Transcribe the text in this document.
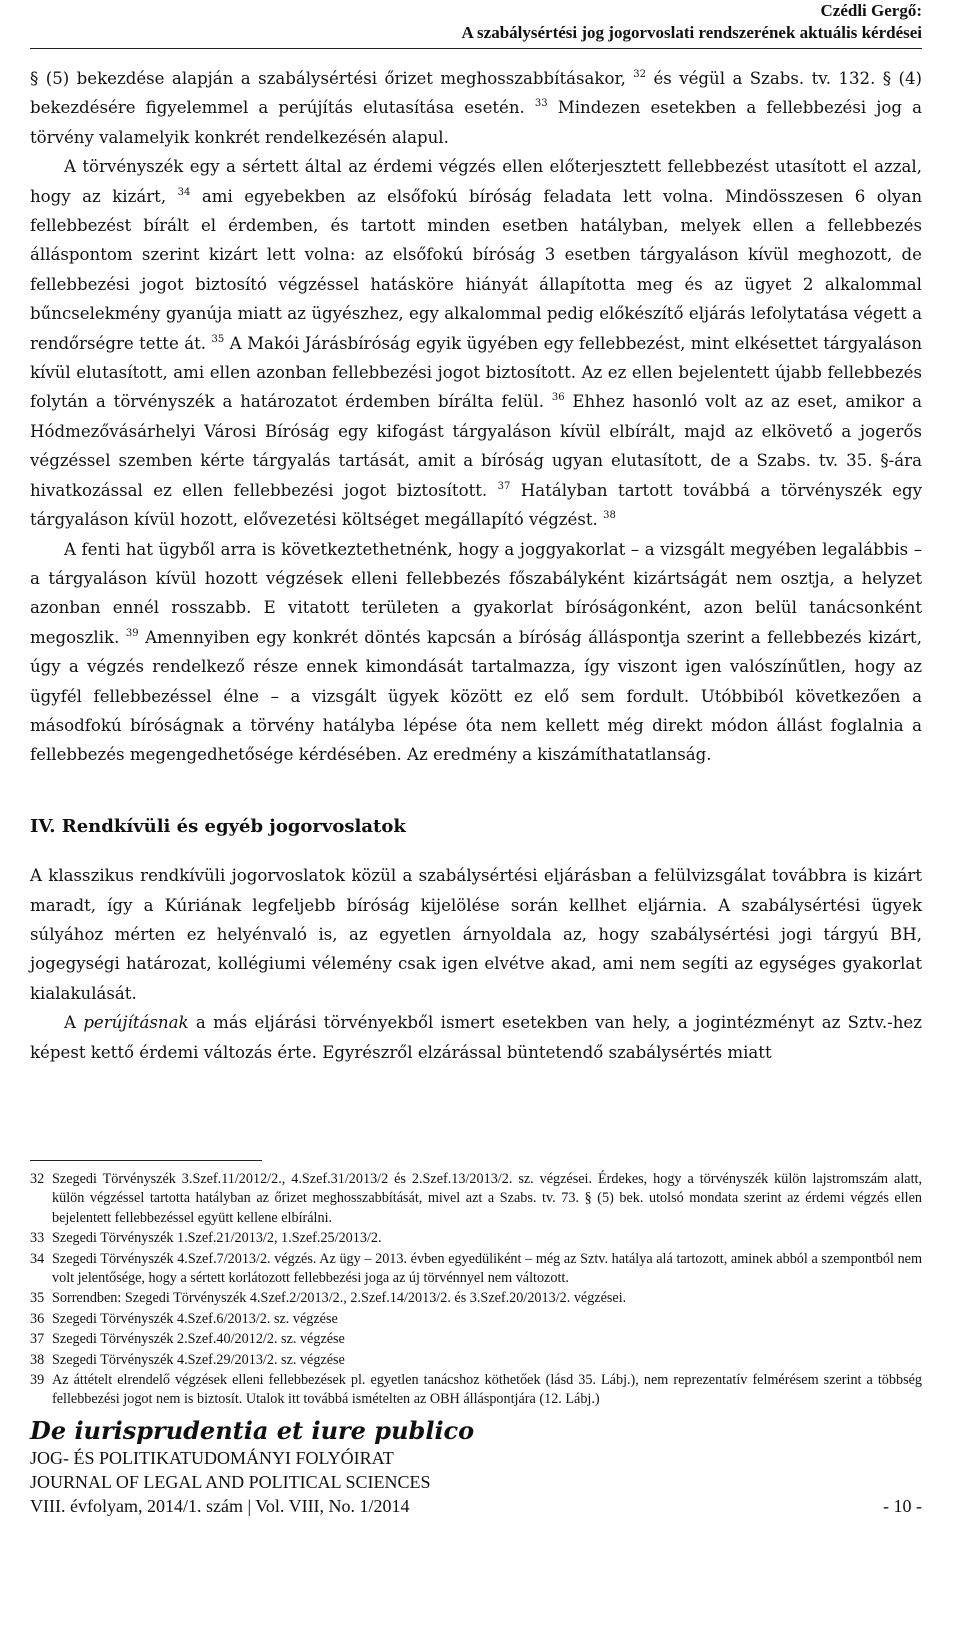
Czédli Gergő:
A szabálysértési jog jogorvoslati rendszerének aktuális kérdései

§ (5) bekezdése alapján a szabálysértési őrizet meghosszabbításakor, $^{32}$ és végül a Szabs. tv. 132. § (4) bekezdésére figyelemmel a perújítás elutasítása esetén. $^{33}$ Mindezen esetekben a fellebbezési jog a törvény valamelyik konkrét rendelkezésén alapul.

A törvényszék egy a sértett által az érdemi végzés ellen előterjesztett fellebbezést utasított el azzal, hogy az kizárt, $^{34}$ ami egyebekben az elsőfokú bíróság feladata lett volna. Mindösszesen 6 olyan fellebbezést bírált el érdemben, és tartott minden esetben hatályban, melyek ellen a fellebbezés álláspontom szerint kizárt lett volna: az elsőfokú bíróság 3 esetben tárgyaláson kívül meghozott, de fellebbezési jogot biztosító végzéssel hatásköre hiányát állapította meg és az ügyet 2 alkalommal bűncselekmény gyanúja miatt az ügyészhez, egy alkalommal pedig előkészítő eljárás lefolytatása végett a rendőrségre tette át. $^{35}$ A Makói Járásbíróság egyik ügyében egy fellebbezést, mint elkésettet tárgyaláson kívül elutasított, ami ellen azonban fellebbezési jogot biztosított. Az ez ellen bejelentett újabb fellebbezés folytán a törvényszék a határozatot érdemben bírálta felül. $^{36}$ Ehhez hasonló volt az az eset, amikor a Hódmezővásárhelyi Városi Bíróság egy kifogást tárgyaláson kívül elbírált, majd az elkövető a jogerős végzéssel szemben kérte tárgyalás tartását, amit a bíróság ugyan elutasított, de a Szabs. tv. 35. §-ára hivatkozással ez ellen fellebbezési jogot biztosított. $^{37}$ Hatályban tartott továbbá a törvényszék egy tárgyaláson kívül hozott, elővezetési költséget megállapító végzést. $^{38}$

A fenti hat ügyből arra is következtethetnénk, hogy a joggyakorlat – a vizsgált megyében legalábbis – a tárgyaláson kívül hozott végzések elleni fellebbezés főszabályként kizártságát nem osztja, a helyzet azonban ennél rosszabb. E vitatott területen a gyakorlat bíróságonként, azon belül tanácsonként megoszlik. $^{39}$ Amennyiben egy konkrét döntés kapcsán a bíróság álláspontja szerint a fellebbezés kizárt, úgy a végzés rendelkező része ennek kimondását tartalmazza, így viszont igen valószínűtlen, hogy az ügyfél fellebbezéssel élne – a vizsgált ügyek között ez elő sem fordult. Utóbbiból következően a másodfokú bíróságnak a törvény hatályba lépése óta nem kellett még direkt módon állást foglalnia a fellebbezés megengedhetősége kérdésében. Az eredmény a kiszámíthatatlanság.

IV. Rendkívüli és egyéb jogorvoslatok

A klasszikus rendkívüli jogorvoslatok közül a szabálysértési eljárásban a felülvizsgálat továbbra is kizárt maradt, így a Kúriának legfeljebb bíróság kijelölése során kellhet eljárnia. A szabálysértési ügyek súlyához mérten ez helyénvaló is, az egyetlen árnyoldala az, hogy szabálysértési jogi tárgyú BH, jogegységi határozat, kollégiumi vélemény csak igen elvétve akad, ami nem segíti az egységes gyakorlat kialakulását.

A perújításnak a más eljárási törvényekből ismert esetekben van hely, a jogintézményt az Sztv.-hez képest kettő érdemi változás érte. Egyrészről elzárással büntetendő szabálysértés miatt

32 Szegedi Törvényszék 3.Szef.11/2012/2., 4.Szef.31/2013/2 és 2.Szef.13/2013/2. sz. végzései. Érdekes, hogy a törvényszék külön lajstromszám alatt, külön végzéssel tartotta hatályban az őrizet meghosszabbítását, mivel azt a Szabs. tv. 73. § (5) bek. utolsó mondata szerint az érdemi végzés ellen bejelentett fellebbezéssel együtt kellene elbírálni.
33 Szegedi Törvényszék 1.Szef.21/2013/2, 1.Szef.25/2013/2.
34 Szegedi Törvényszék 4.Szef.7/2013/2. végzés. Az ügy – 2013. évben egyedüliként – még az Sztv. hatálya alá tartozott, aminek abból a szempontból nem volt jelentősége, hogy a sértett korlátozott fellebbezési joga az új törvénnyel nem változott.
35 Sorrendben: Szegedi Törvényszék 4.Szef.2/2013/2., 2.Szef.14/2013/2. és 3.Szef.20/2013/2. végzései.
36 Szegedi Törvényszék 4.Szef.6/2013/2. sz. végzése
37 Szegedi Törvényszék 2.Szef.40/2012/2. sz. végzése
38 Szegedi Törvényszék 4.Szef.29/2013/2. sz. végzése
39 Az áttételt elrendelő végzések elleni fellebbezések pl. egyetlen tanácshoz köthetőek (lásd 35. Lábj.), nem reprezentatív felmérésem szerint a többség fellebbezési jogot nem is biztosít. Utalok itt továbbá ismételten az OBH álláspontjára (12. Lábj.)
De iurisprudentia et iure publico
JOG- ÉS POLITIKATUDOMÁNYI FOLYÓIRAT
JOURNAL OF LEGAL AND POLITICAL SCIENCES
VIII. évfolyam, 2014/1. szám | Vol. VIII, No. 1/2014	- 10 -
